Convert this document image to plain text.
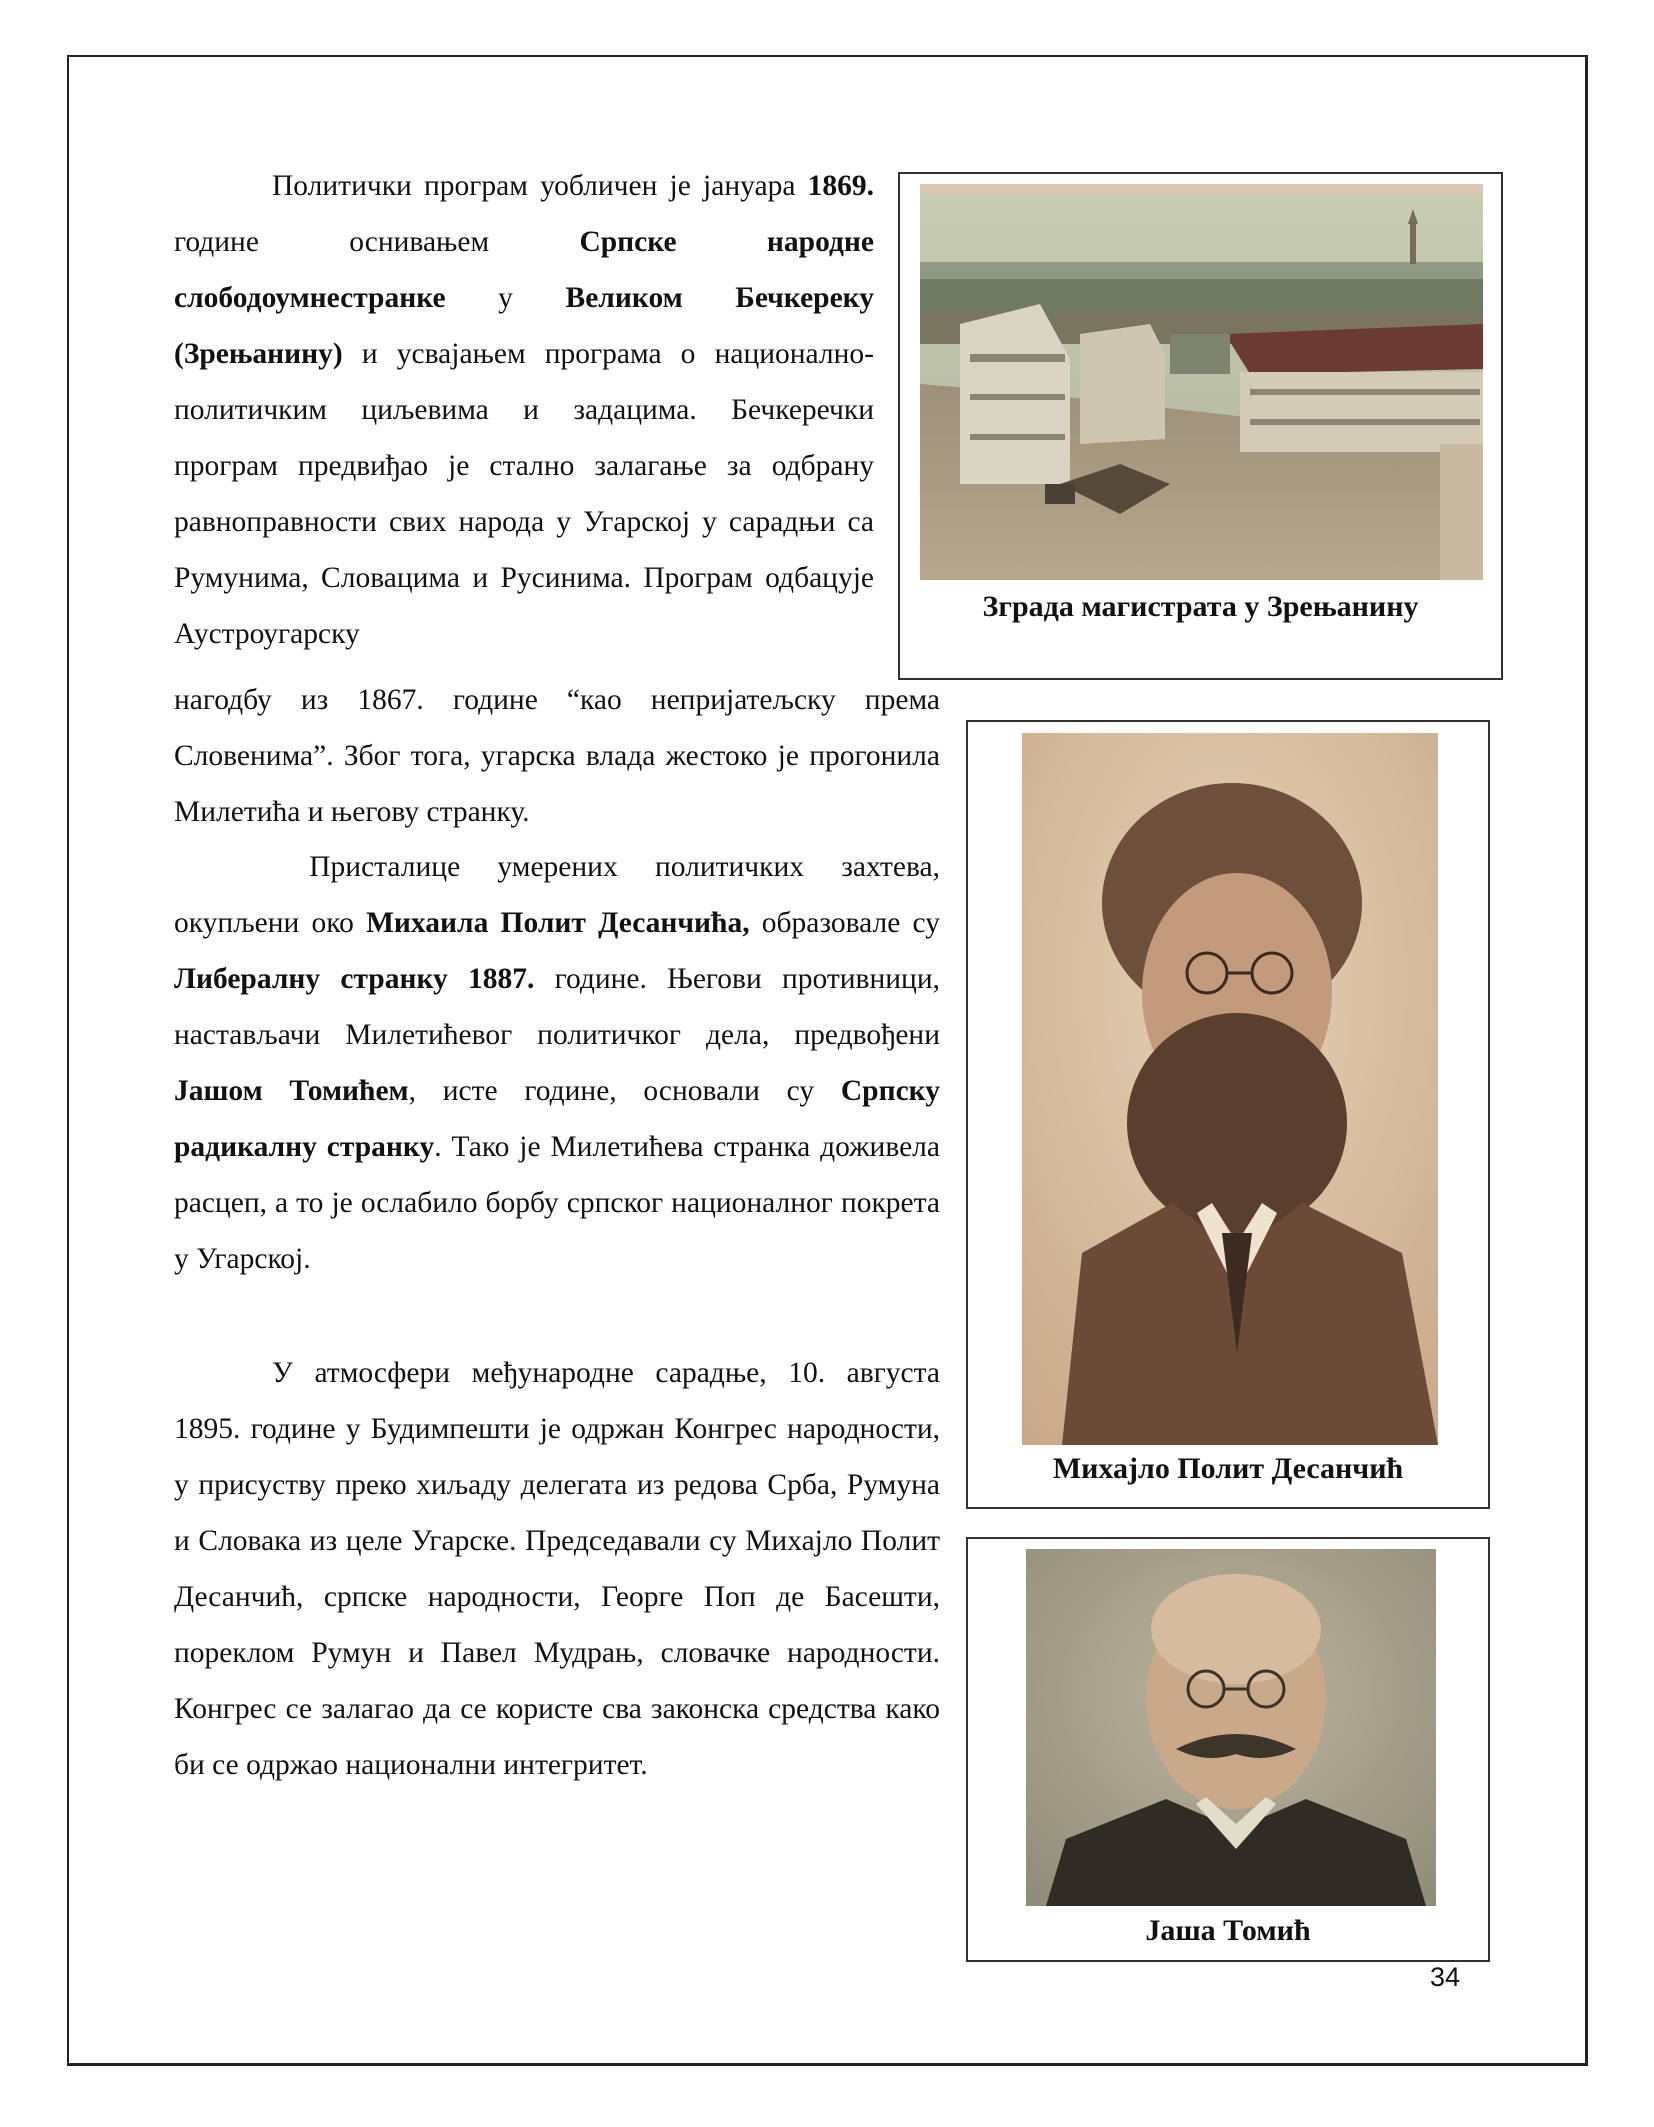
Политички програм уобличен је јануара 1869. године оснивањем Српске народне слободоумнестранке у Великом Бечкереку (Зрењанину) и усвајањем програма о национално-политичким циљевима и задацима. Бечкеречки програм предвиђао је стално залагање за одбрану равноправности свих народа у Угарској у сарадњи са Румунима, Словацима и Русинима. Програм одбацује Аустроугарску

нагодбу из 1867. године “као непријатељску према Словенима”. Због тога, угарска влада жестоко је прогонила Милетића и његову странку.

Присталице умерених политичких захтева, окупљени око Михаила Полит Десанчића, образовале су Либералну странку 1887. године. Његови противници, настављачи Милетићевог политичког дела, предвођени Јашом Томићем, исте године, основали су Српску радикалну странку. Тако је Милетићева странка доживела расцеп, а то је ослабило борбу српског националног покрета у Угарској.

У атмосфери међународне сарадње, 10. августа 1895. године у Будимпешти је одржан Конгрес народности, у присуству преко хиљаду делегата из редова Срба, Румуна и Словака из целе Угарске. Председавали су Михајло Полит Десанчић, српске народности, Георге Поп де Басешти, пореклом Румун и Павел Мудрањ, словачке народности. Конгрес се залагао да се користе сва законска средства како би се одржао национални интегритет.

Зграда магистрата у Зрењанину
Михајло Полит Десанчић
Јаша Томић
34
